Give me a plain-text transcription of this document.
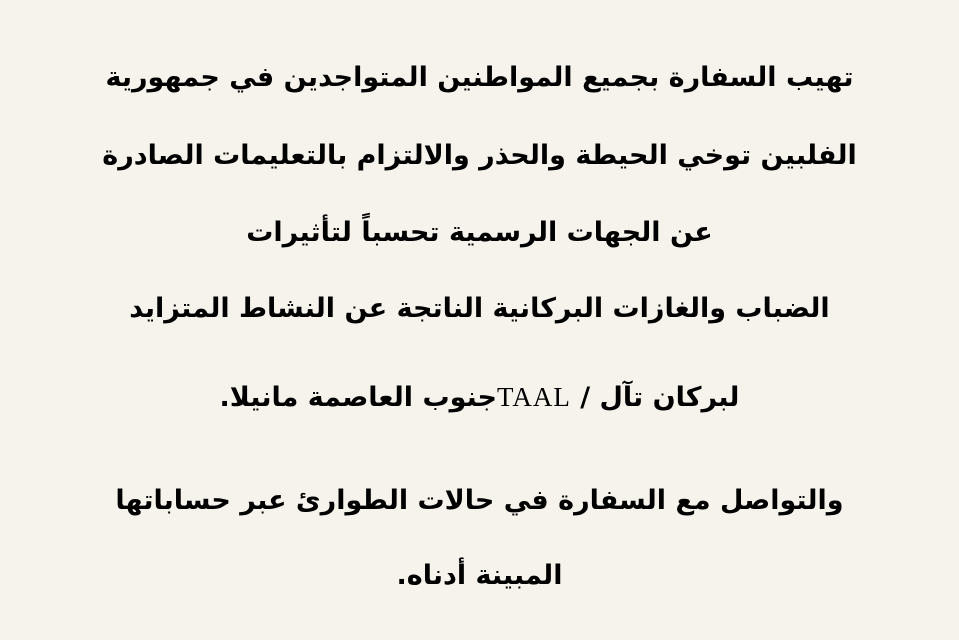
تهيب السفارة بجميع المواطنين المتواجدين في جمهورية
الفلبين توخي الحيطة والحذر والالتزام بالتعليمات الصادرة
عن الجهات الرسمية تحسباً لتأثيرات
الضباب والغازات البركانية الناتجة عن النشاط المتزايد
لبركان تآل / TAALجنوب العاصمة مانيلا.
والتواصل مع السفارة في حالات الطوارئ عبر حساباتها
المبينة أدناه.
